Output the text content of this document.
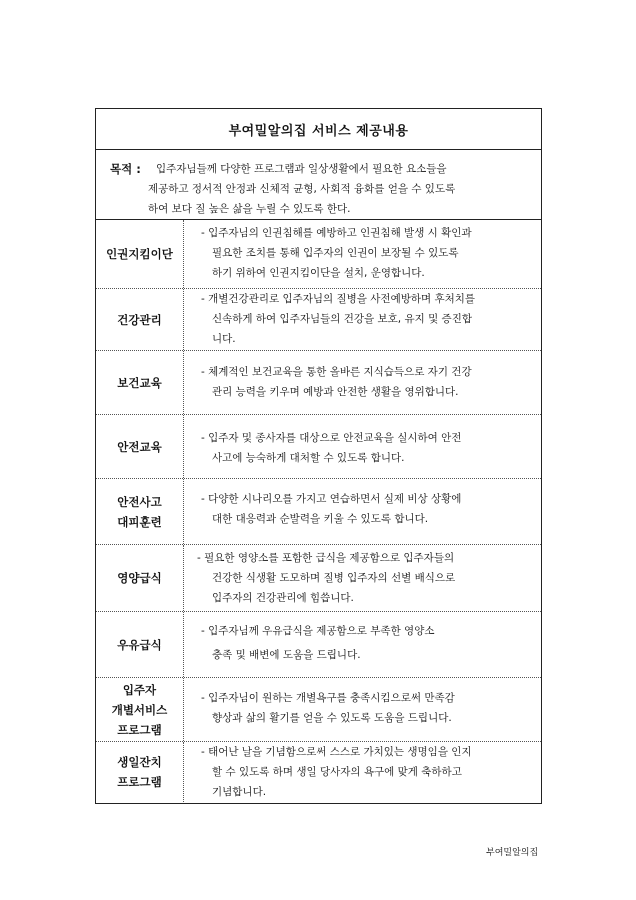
부여밀알의집 서비스 제공내용
목적 : 입주자님들께 다양한 프로그램과 일상생활에서 필요한 요소들을
제공하고 정서적 안정과 신체적 균형, 사회적 융화를 얻을 수 있도록
하여 보다 질 높은 삶을 누릴 수 있도록 한다.
인권지킴이단
- 입주자님의 인권침해를 예방하고 인권침해 발생 시 확인과
필요한 조치를 통해 입주자의 인권이 보장될 수 있도록
하기 위하여 인권지킴이단을 설치, 운영합니다.
건강관리
- 개별건강관리로 입주자님의 질병을 사전예방하며 후처치를
신속하게 하여 입주자님들의 건강을 보호, 유지 및 증진합
니다.
보건교육
- 체계적인 보건교육을 통한 올바른 지식습득으로 자기 건강
관리 능력을 키우며 예방과 안전한 생활을 영위합니다.
안전교육
- 입주자 및 종사자를 대상으로 안전교육을 실시하여 안전
사고에 능숙하게 대처할 수 있도록 합니다.
안전사고
대피훈련
- 다양한 시나리오를 가지고 연습하면서 실제 비상 상황에
대한 대응력과 순발력을 키울 수 있도록 합니다.
영양급식
- 필요한 영양소를 포함한 급식을 제공함으로 입주자들의
건강한 식생활 도모하며 질병 입주자의 선별 배식으로
입주자의 건강관리에 힘씁니다.
우유급식
- 입주자님께 우유급식을 제공함으로 부족한 영양소
충족 및 배변에 도움을 드립니다.
입주자
개별서비스
프로그램
- 입주자님이 원하는 개별욕구를 충족시킴으로써 만족감
향상과 삶의 활기를 얻을 수 있도록 도움을 드립니다.
생일잔치
프로그램
- 태어난 날을 기념함으로써 스스로 가치있는 생명임을 인지
할 수 있도록 하며 생일 당사자의 욕구에 맞게 축하하고
기념합니다.
부여밀알의집
